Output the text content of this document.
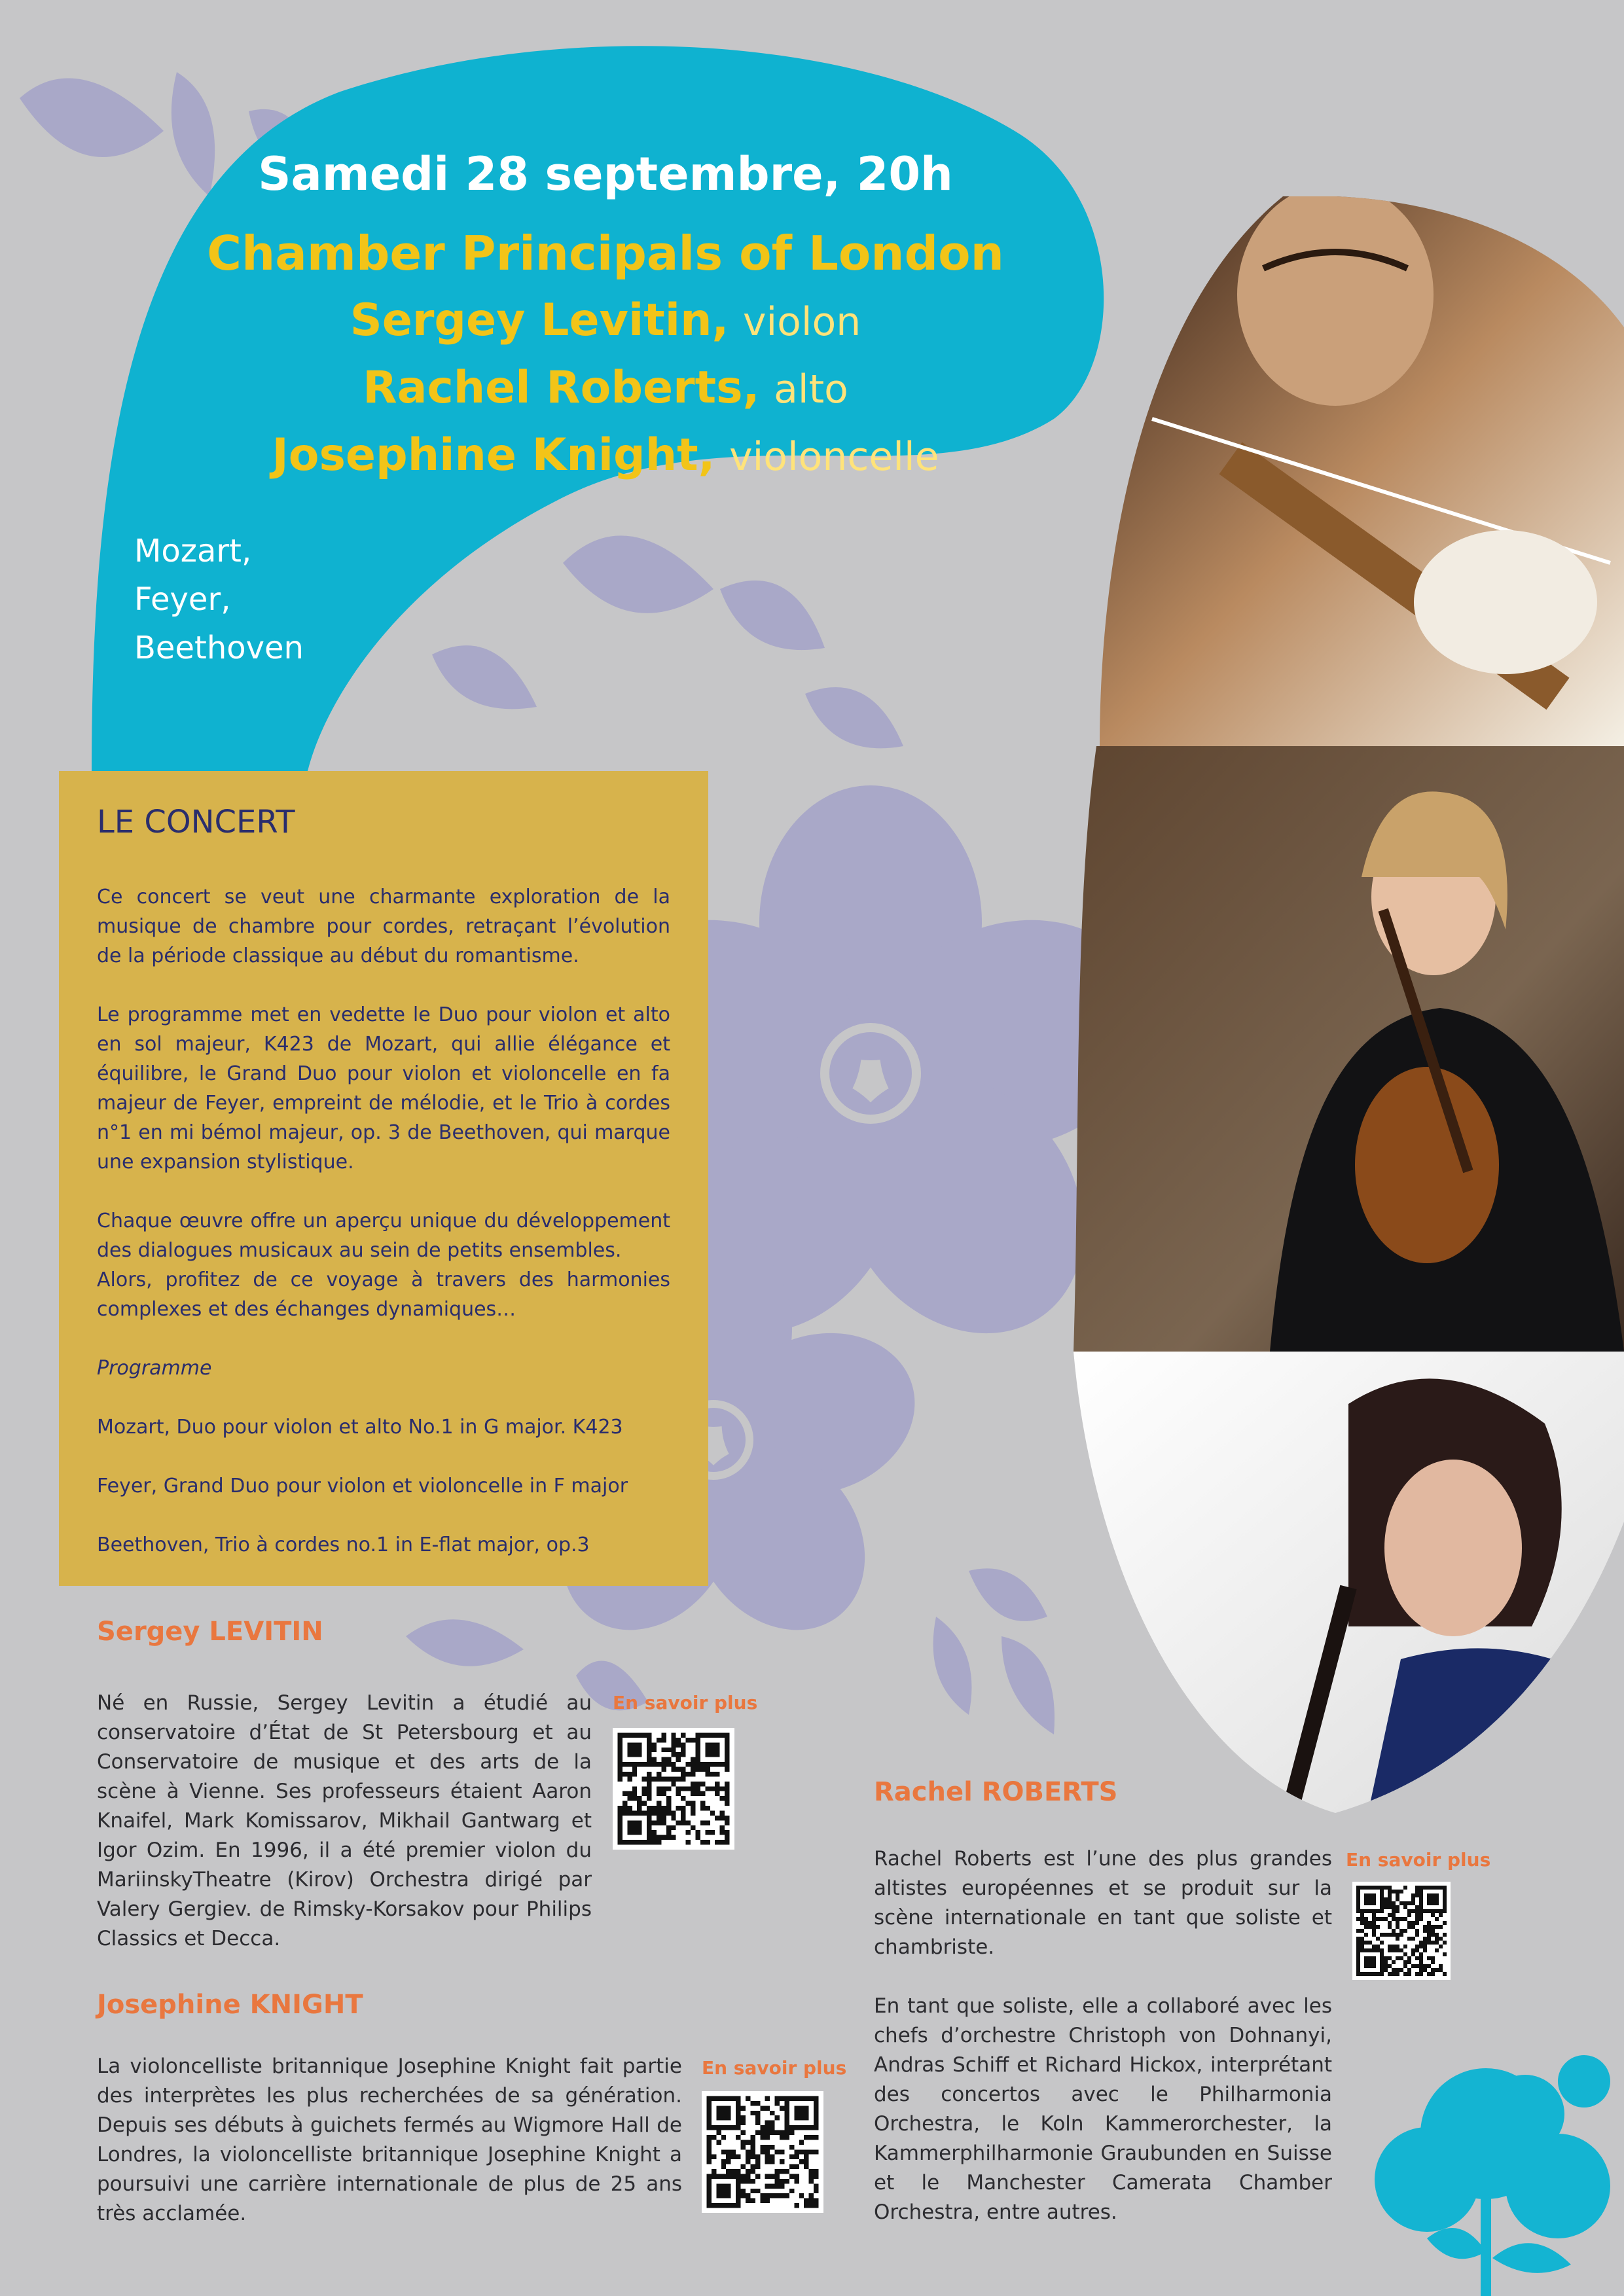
Samedi 28 septembre, 20h
Chamber Principals of London
Sergey Levitin, violon
Rachel Roberts, alto
Josephine Knight, violoncelle
Mozart,
Feyer,
Beethoven
LE CONCERT

Ce concert se veut une charmante exploration de la musique de chambre pour cordes, retraçant l’évolution de la période classique au début du romantisme.

Le programme met en vedette le Duo pour violon et alto en sol majeur, K423 de Mozart, qui allie élégance et équilibre, le Grand Duo pour violon et violoncelle en fa majeur de Feyer, empreint de mélodie, et le Trio à cordes n°1 en mi bémol majeur, op. 3 de Beethoven, qui marque une expansion stylistique.

Chaque œuvre offre un aperçu unique du développement des dialogues musicaux au sein de petits ensembles.

Alors, profitez de ce voyage à travers des harmonies complexes et des échanges dynamiques…

Programme

Mozart, Duo pour violon et alto No.1 in G major. K423

Feyer, Grand Duo pour violon et violoncelle in F major

Beethoven, Trio à cordes no.1 in E-flat major, op.3

Sergey LEVITIN

Né en Russie, Sergey Levitin a étudié au conservatoire d’État de St Petersbourg et au Conservatoire de musique et des arts de la scène à Vienne. Ses professeurs étaient Aaron Knaifel, Mark Komissarov, Mikhail Gantwarg et Igor Ozim. En 1996, il a été premier violon du MariinskyTheatre (Kirov) Orchestra dirigé par Valery Gergiev. de Rimsky-Korsakov pour Philips Classics et Decca.

En savoir plus
Josephine KNIGHT

La violoncelliste britannique Josephine Knight fait partie des interprètes les plus recherchées de sa génération. Depuis ses débuts à guichets fermés au Wigmore Hall de Londres, la violoncelliste britannique Josephine Knight a poursuivi une carrière internationale de plus de 25 ans très acclamée.

En savoir plus
Rachel ROBERTS

Rachel Roberts est l’une des plus grandes altistes européennes et se produit sur la scène internationale en tant que soliste et chambriste.

En tant que soliste, elle a collaboré avec les chefs d’orchestre Christoph von Dohnanyi, Andras Schiff et Richard Hickox, interprétant des concertos avec le Philharmonia Orchestra, le Koln Kammerorchester, la Kammerphilharmonie Graubunden en Suisse et le Manchester Camerata Chamber Orchestra, entre autres.

En savoir plus
